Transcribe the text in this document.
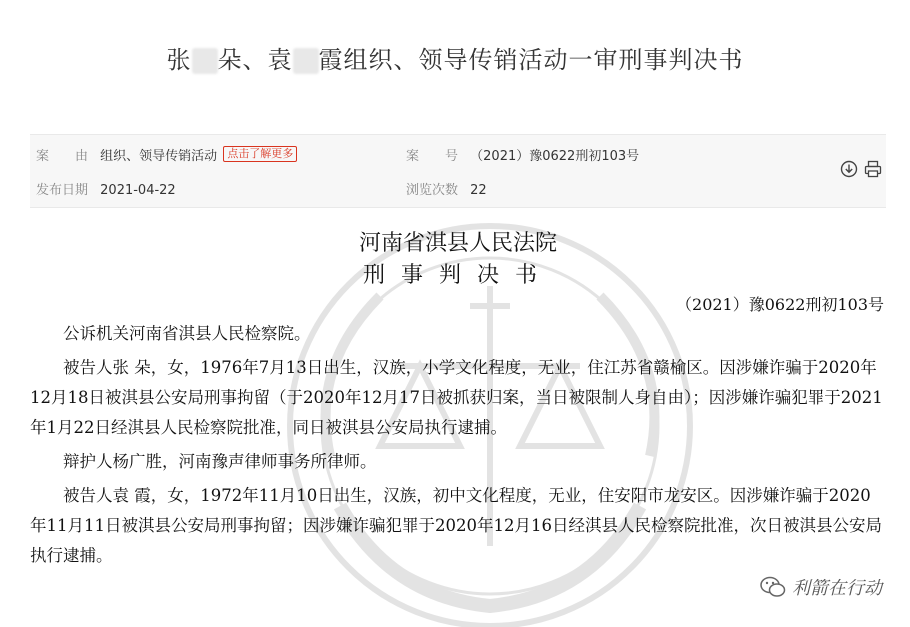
张 朵、袁 霞组织、领导传销活动一审刑事判决书
案　　由 组织、领导传销活动 点击了解更多	案　　号 （2021）豫0622刑初103号
发布日期 2021-04-22	浏览次数 22
河南省淇县人民法院
刑事判决书
（2021）豫0622刑初103号

公诉机关河南省淇县人民检察院。

被告人张 朵，女，1976年7月13日出生，汉族，小学文化程度，无业，住江苏省赣榆区。因涉嫌诈骗于2020年12月18日被淇县公安局刑事拘留（于2020年12月17日被抓获归案，当日被限制人身自由）；因涉嫌诈骗犯罪于2021年1月22日经淇县人民检察院批准，同日被淇县公安局执行逮捕。

辩护人杨广胜，河南豫声律师事务所律师。

被告人袁 霞，女，1972年11月10日出生，汉族，初中文化程度，无业，住安阳市龙安区。因涉嫌诈骗于2020年11月11日被淇县公安局刑事拘留；因涉嫌诈骗犯罪于2020年12月16日经淇县人民检察院批准，次日被淇县公安局执行逮捕。

利箭在行动
